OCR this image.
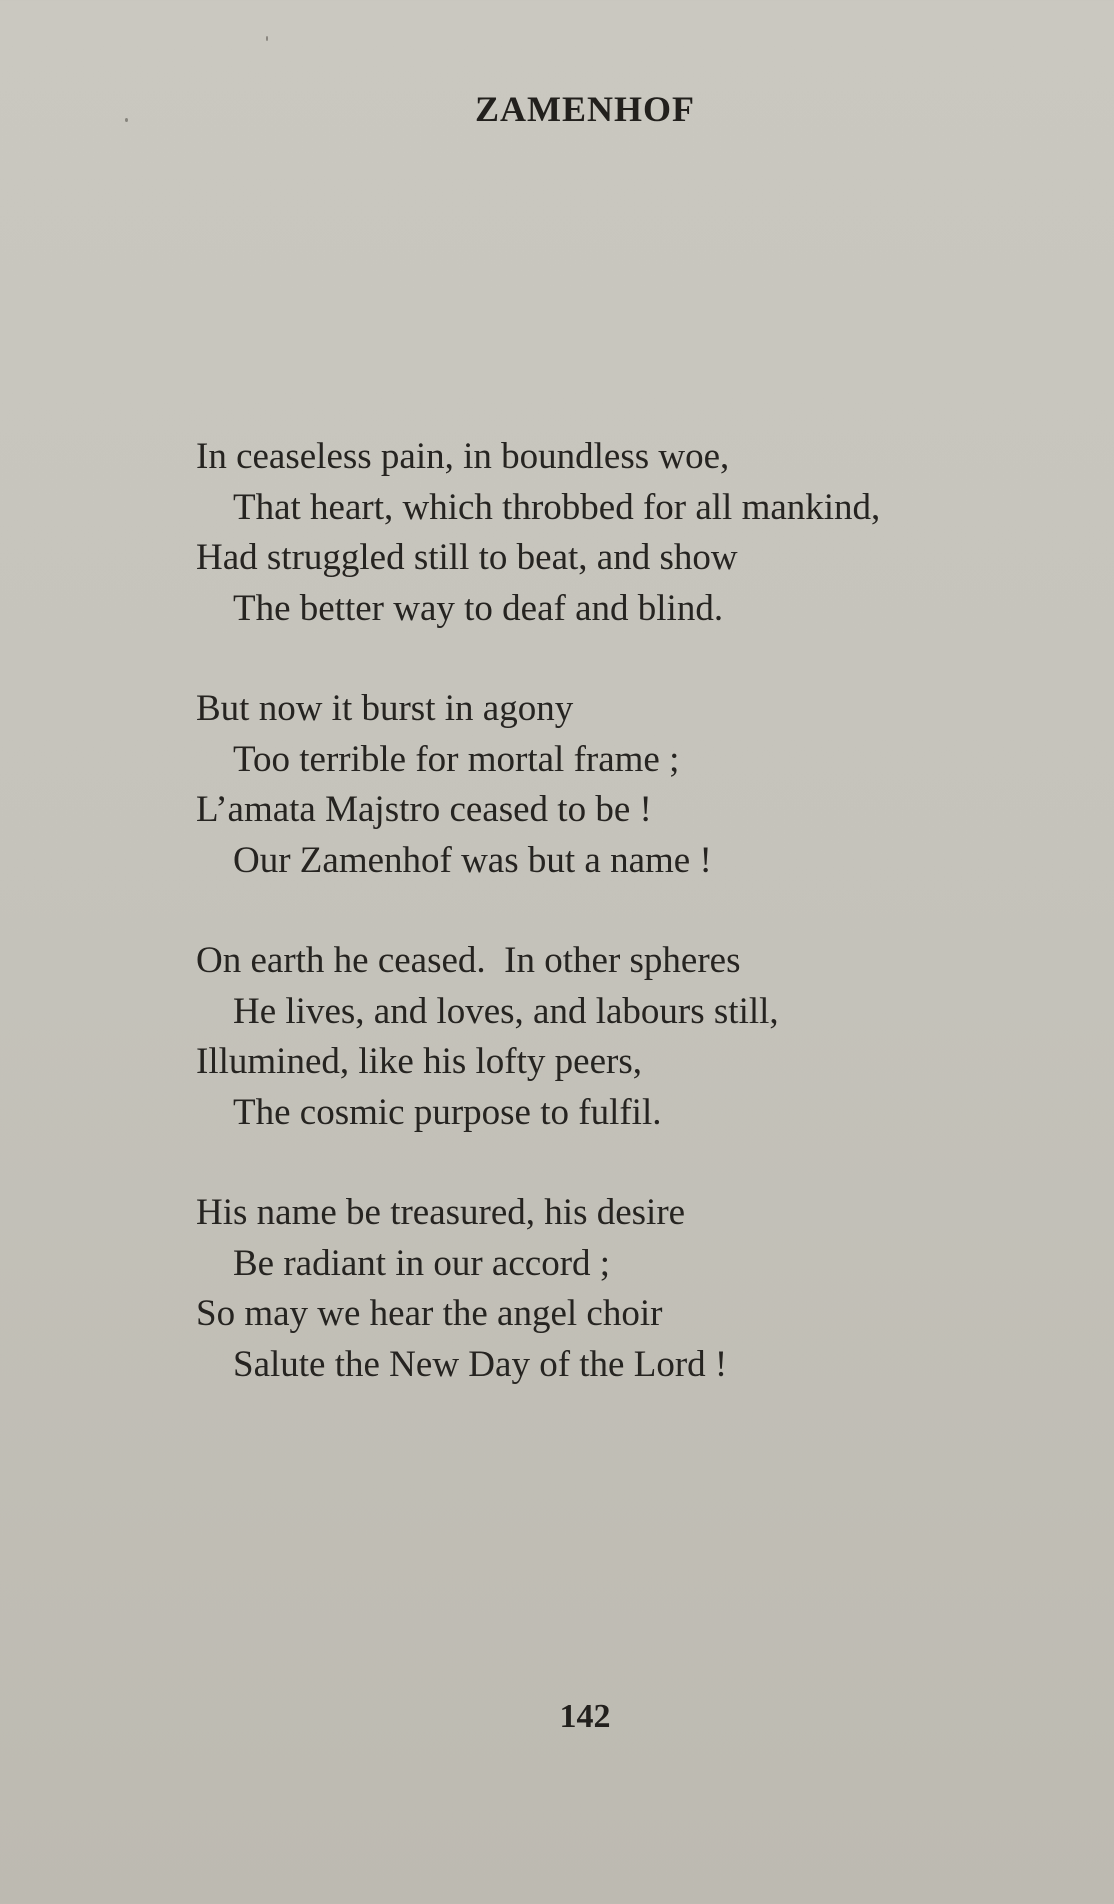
ZAMENHOF
In ceaseless pain, in boundless woe,
That heart, which throbbed for all mankind,
Had struggled still to beat, and show
The better way to deaf and blind.
But now it burst in agony
Too terrible for mortal frame ;
L’amata Majstro ceased to be !
Our Zamenhof was but a name !
On earth he ceased.  In other spheres
He lives, and loves, and labours still,
Illumined, like his lofty peers,
The cosmic purpose to fulfil.
His name be treasured, his desire
Be radiant in our accord ;
So may we hear the angel choir
Salute the New Day of the Lord !
142
